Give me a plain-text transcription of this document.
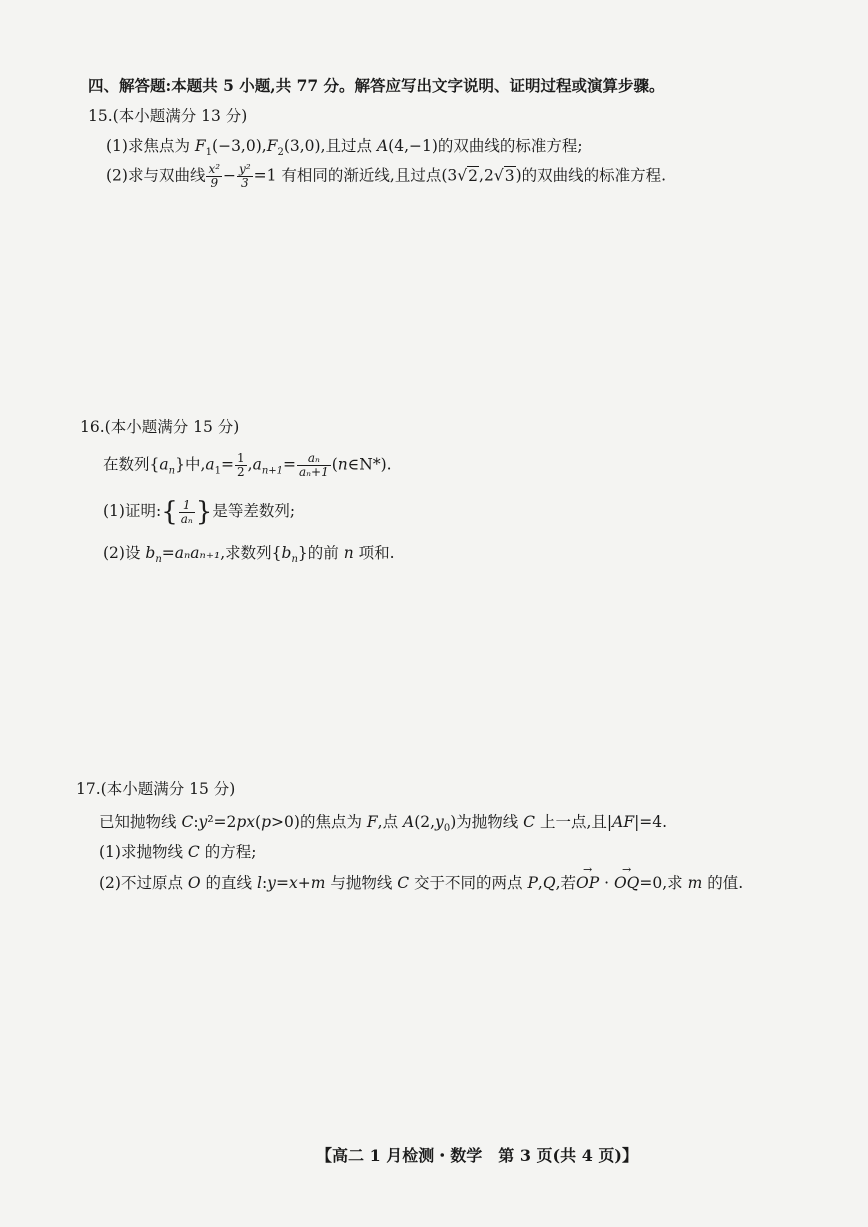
四、解答题:本题共 5 小题,共 77 分。解答应写出文字说明、证明过程或演算步骤。
15.(本小题满分 13 分)
(1)求焦点为 $F_1(-3,0),F_2(3,0)$,且过点 A(4,−1)的双曲线的标准方程;
(2)求与双曲线 $\frac{\text{x²}}{9} - \frac{\text{y²}}{3} =1$ 有相同的渐近线,且过点(3√2,2√3)的双曲线的标准方程.
16.(本小题满分 15 分)
在数列$\{a_n\}$中$,a_1= \frac{1}{2} ,a_{n+1}= \frac{\text{aₙ}}{\text{aₙ+1}}$ (n∈N*).
(1)证明:{ $\frac{1}{\text{aₙ}}$ }是等差数列;
(2)设 $b_n=a_na_{n+1}$,求数列$\{b_n\}$的前 n 项和.
17.(本小题满分 15 分)
已知抛物线 C:y²=2px(p>0)的焦点为 F,点 $A(2,y_0)$为抛物线 C 上一点,且|AF|=4.
(1)求抛物线 C 的方程;
(2)不过原点 O 的直线 l:y=x+m 与抛物线 C 交于不同的两点 P,Q,若
→
OP ·
→
OQ=0,求 m 的值.
【高二 1 月检测・数学　第 3 页(共 4 页)】
